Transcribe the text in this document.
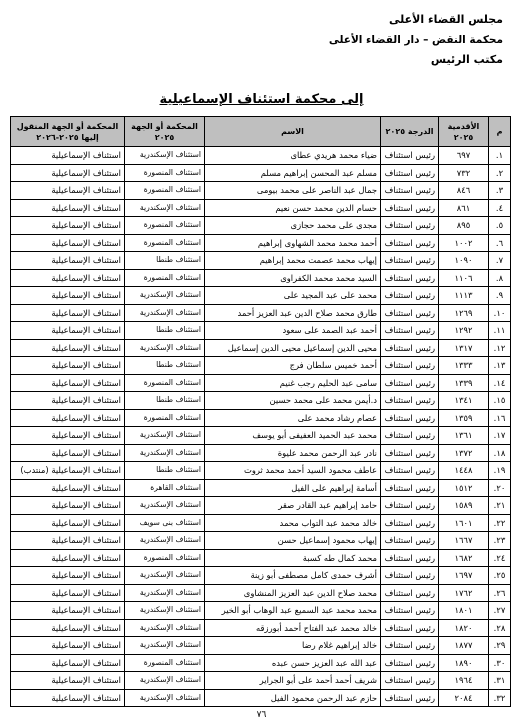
مجلس القضاء الأعلى
محكمة النقض – دار القضاء الأعلى
مكتب الرئيس
إلى محكمة استئناف الإسماعيلية
م	الأقدمية ٢٠٢٥	الدرجة ٢٠٢٥	الاسم	المحكمة أو الجهة ٢٠٢٥	المحكمة أو الجهة المنقول إليها ٢٠٢٥-٢٠٢٦
١.	٦٩٧	رئيس استئناف	ضياء محمد هريدي عطاى	استئناف الإسكندرية	استئناف الإسماعيلية
٢.	٧٣٢	رئيس استئناف	مسلم عبد المحسن إبراهيم مسلم	استئناف المنصورة	استئناف الإسماعيلية
٣.	٨٤٦	رئيس استئناف	جمال عبد الناصر على محمد بيومى	استئناف المنصورة	استئناف الإسماعيلية
٤.	٨٦١	رئيس استئناف	حسام الدين محمد حسن نعيم	استئناف الإسكندرية	استئناف الإسماعيلية
٥.	٨٩٥	رئيس استئناف	مجدى على محمد حجازى	استئناف المنصورة	استئناف الإسماعيلية
٦.	١٠٠٢	رئيس استئناف	أحمد محمد محمد الشهاوى إبراهيم	استئناف المنصورة	استئناف الإسماعيلية
٧.	١٠٩٠	رئيس استئناف	إيهاب محمد عصمت محمد إبراهيم	استئناف طنطا	استئناف الإسماعيلية
٨.	١١٠٦	رئيس استئناف	السيد محمد محمد الكفراوى	استئناف المنصورة	استئناف الإسماعيلية
٩.	١١١٣	رئيس استئناف	محمد على عبد المجيد على	استئناف الإسكندرية	استئناف الإسماعيلية
١٠.	١٢٦٩	رئيس استئناف	طارق محمد صلاح الدين عبد العزيز أحمد	استئناف الإسكندرية	استئناف الإسماعيلية
١١.	١٢٩٢	رئيس استئناف	أحمد عبد الصمد على سعود	استئناف طنطا	استئناف الإسماعيلية
١٢.	١٣١٧	رئيس استئناف	محيى الدين إسماعيل محيى الدين إسماعيل	استئناف الإسكندرية	استئناف الإسماعيلية
١٣.	١٣٣٣	رئيس استئناف	أحمد خميس سلطان فرج	استئناف طنطا	استئناف الإسماعيلية
١٤.	١٣٣٩	رئيس استئناف	سامى عبد الحليم رجب غنيم	استئناف المنصورة	استئناف الإسماعيلية
١٥.	١٣٤١	رئيس استئناف	د.أيمن محمد على محمد حسين	استئناف طنطا	استئناف الإسماعيلية
١٦.	١٣٥٩	رئيس استئناف	عصام رشاد محمد على	استئناف المنصورة	استئناف الإسماعيلية
١٧.	١٣٦١	رئيس استئناف	محمد عبد الحميد العفيفى أبو يوسف	استئناف الإسكندرية	استئناف الإسماعيلية
١٨.	١٣٧٢	رئيس استئناف	نادر عبد الرحمن محمد عليوة	استئناف الإسكندرية	استئناف الإسماعيلية
١٩.	١٤٤٨	رئيس استئناف	عاطف محمود السيد أحمد محمد ثروت	استئناف طنطا	استئناف الإسماعيلية (منتدب)
٢٠.	١٥١٢	رئيس استئناف	أسامة إبراهيم على الفيل	استئناف القاهرة	استئناف الإسماعيلية
٢١.	١٥٨٩	رئيس استئناف	حامد إبراهيم عبد القادر صقر	استئناف الإسكندرية	استئناف الإسماعيلية
٢٢.	١٦٠١	رئيس استئناف	خالد محمد عبد التواب محمد	استئناف بنى سويف	استئناف الإسماعيلية
٢٣.	١٦٦٧	رئيس استئناف	إيهاب محمود إسماعيل حسن	استئناف الإسكندرية	استئناف الإسماعيلية
٢٤.	١٦٨٢	رئيس استئناف	محمد كمال طه كسبة	استئناف المنصورة	استئناف الإسماعيلية
٢٥.	١٦٩٧	رئيس استئناف	أشرف حمدى كامل مصطفى أبو زينة	استئناف الإسكندرية	استئناف الإسماعيلية
٢٦.	١٧٦٢	رئيس استئناف	محمد صلاح الدين عبد العزيز المنشاوى	استئناف الإسكندرية	استئناف الإسماعيلية
٢٧.	١٨٠١	رئيس استئناف	محمد محمد عبد السميع عبد الوهاب أبو الخير	استئناف الإسكندرية	استئناف الإسماعيلية
٢٨.	١٨٢٠	رئيس استئناف	خالد محمد عبد الفتاح أحمد أبورزقه	استئناف الإسكندرية	استئناف الإسماعيلية
٢٩.	١٨٧٧	رئيس استئناف	خالد إبراهيم غلام رضا	استئناف الإسكندرية	استئناف الإسماعيلية
٣٠.	١٨٩٠	رئيس استئناف	عبد الله عبد العزيز حسن عبده	استئناف المنصورة	استئناف الإسماعيلية
٣١.	١٩٦٤	رئيس استئناف	شريف أحمد أحمد على أبو الجراير	استئناف الإسكندرية	استئناف الإسماعيلية
٣٢.	٢٠٨٤	رئيس استئناف	حازم عبد الرحمن محمود الفيل	استئناف الإسكندرية	استئناف الإسماعيلية
٧٦
